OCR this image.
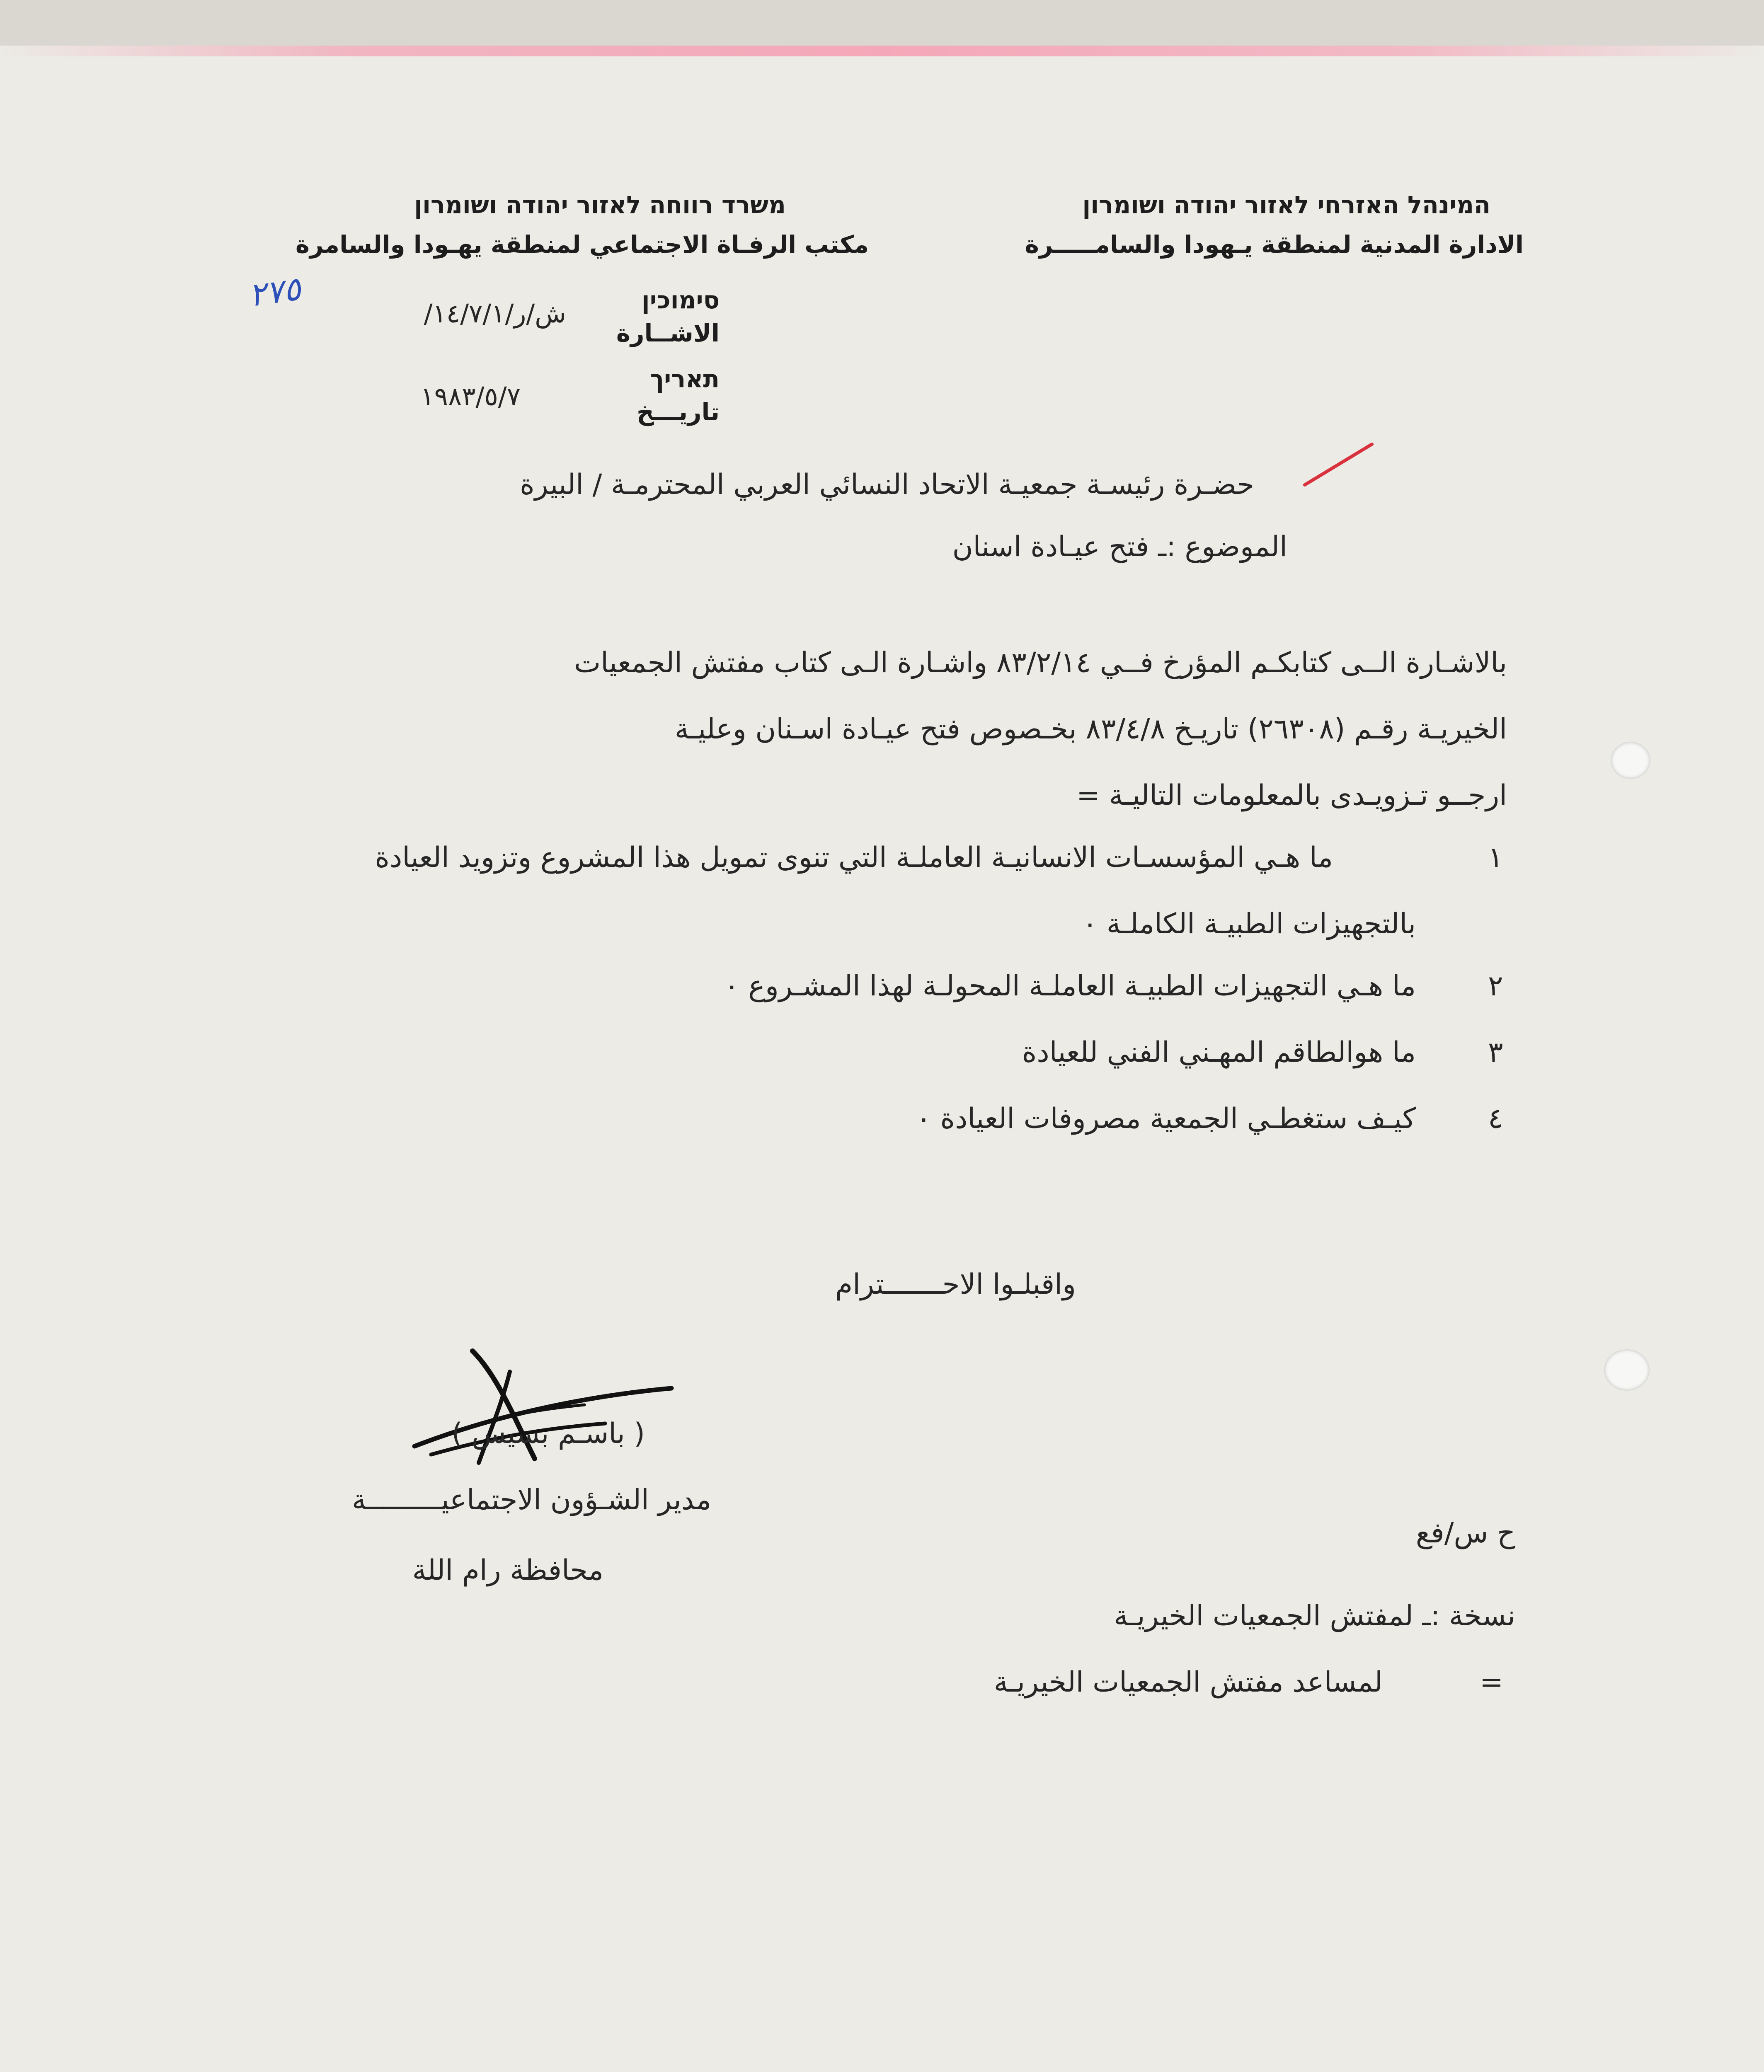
משרד רווחה לאזור יהודה ושומרון
مكتب الرفـاة الاجتماعي لمنطقة يهـودا والسامرة
המינהל האזרחי לאזור יהודה ושומרון
الادارة المدنية لمنطقة يـهودا والسامـــــرة
٢٧٥	סימוכין
الاشــارة
ش/ر/١٤/٧/١/
תאריך
تاريـــخ
١٩٨٣/٥/٧
حضـرة رئيسـة جمعيـة الاتحاد النسائي العربي المحترمـة / البيرة
الموضوع :ـ فتح عيـادة اسنان
بالاشـارة الــى كتابكـم المؤرخ فــي ٨٣/٢/١٤ واشـارة الـى كتاب مفتش الجمعيات
الخيريـة رقـم (٢٦٣٠٨) تاريـخ ٨٣/٤/٨ بخـصوص فتح عيـادة اسـنان وعليـة
ارجــو تـزويـدى بالمعلومات التاليـة =
١
ما هـي المؤسسـات الانسانيـة العاملـة التي تنوى تمويل هذا المشروع وتزويد العيادة
بالتجهيزات الطبيـة الكاملـة ٠
٢
ما هـي التجهيزات الطبيـة العاملـة المحولـة لهذا المشـروع ٠
٣
ما هوالطاقم المهـني الفني للعيادة
٤
كيـف ستغطـي الجمعية مصروفات العيادة ٠
واقبلـوا الاحـــــــترام
( باسـم بسيس )
مدير الشـؤون الاجتماعيـــــــــة
محافظة رام اللة
ح س/فع
نسخة :ـ لمفتش الجمعيات الخيريـة
=
لمساعد مفتش الجمعيات الخيريـة
